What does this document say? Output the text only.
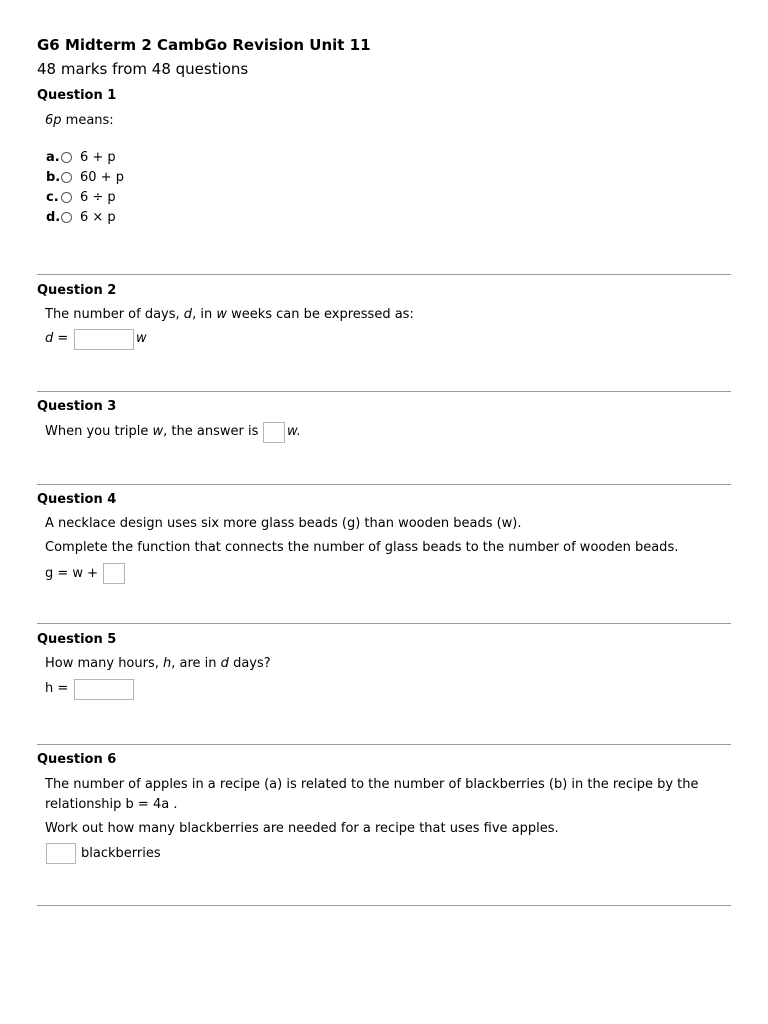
G6 Midterm 2 CambGo Revision Unit 11
48 marks from 48 questions
Question 1
6p means:
a. 6 + p
b. 60 + p
c. 6 ÷ p
d. 6 × p
Question 2
The number of days, d, in w weeks can be expressed as:
d =	w
Question 3
When you triple w, the answer is w.
Question 4
A necklace design uses six more glass beads (g) than wooden beads (w).
Complete the function that connects the number of glass beads to the number of wooden beads.
g = w +
Question 5
How many hours, h, are in d days?
h =
Question 6
The number of apples in a recipe (a) is related to the number of blackberries (b) in the recipe by the
relationship b = 4a .
Work out how many blackberries are needed for a recipe that uses five apples.
blackberries
